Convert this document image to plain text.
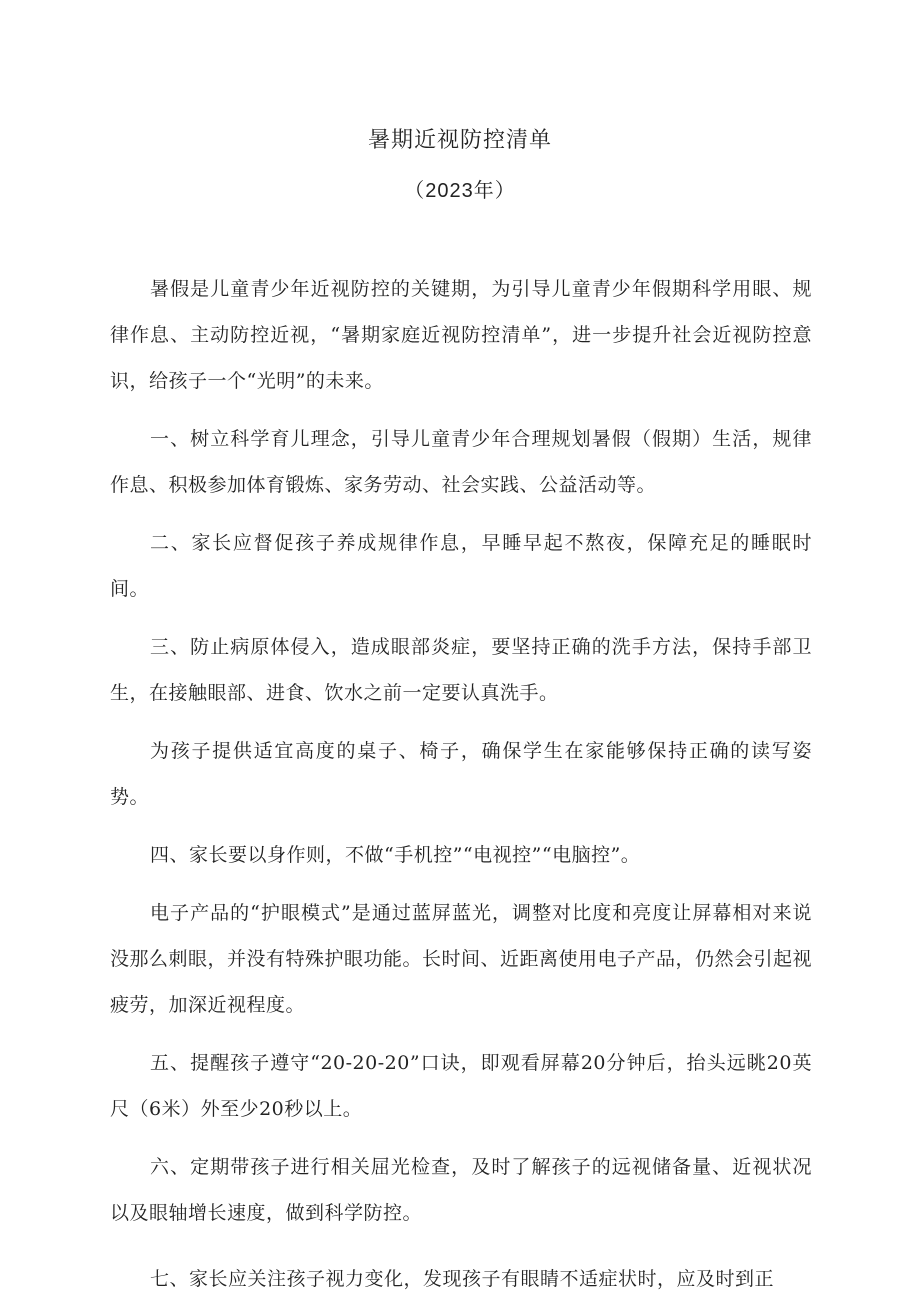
暑期近视防控清单
（2023年）

暑假是儿童青少年近视防控的关键期，为引导儿童青少年假期科学用眼、规律作息、主动防控近视，“暑期家庭近视防控清单”，进一步提升社会近视防控意识，给孩子一个“光明”的未来。

一、树立科学育儿理念，引导儿童青少年合理规划暑假（假期）生活，规律作息、积极参加体育锻炼、家务劳动、社会实践、公益活动等。

二、家长应督促孩子养成规律作息，早睡早起不熬夜，保障充足的睡眠时间。

三、防止病原体侵入，造成眼部炎症，要坚持正确的洗手方法，保持手部卫生，在接触眼部、进食、饮水之前一定要认真洗手。

为孩子提供适宜高度的桌子、椅子，确保学生在家能够保持正确的读写姿势。

四、家长要以身作则，不做“手机控”“电视控”“电脑控”。

电子产品的“护眼模式”是通过蓝屏蓝光，调整对比度和亮度让屏幕相对来说没那么刺眼，并没有特殊护眼功能。长时间、近距离使用电子产品，仍然会引起视疲劳，加深近视程度。

五、提醒孩子遵守“20-20-20”口诀，即观看屏幕20分钟后，抬头远眺20英尺（6米）外至少20秒以上。

六、定期带孩子进行相关屈光检查，及时了解孩子的远视储备量、近视状况以及眼轴增长速度，做到科学防控。

七、家长应关注孩子视力变化，发现孩子有眼睛不适症状时，应及时到正
